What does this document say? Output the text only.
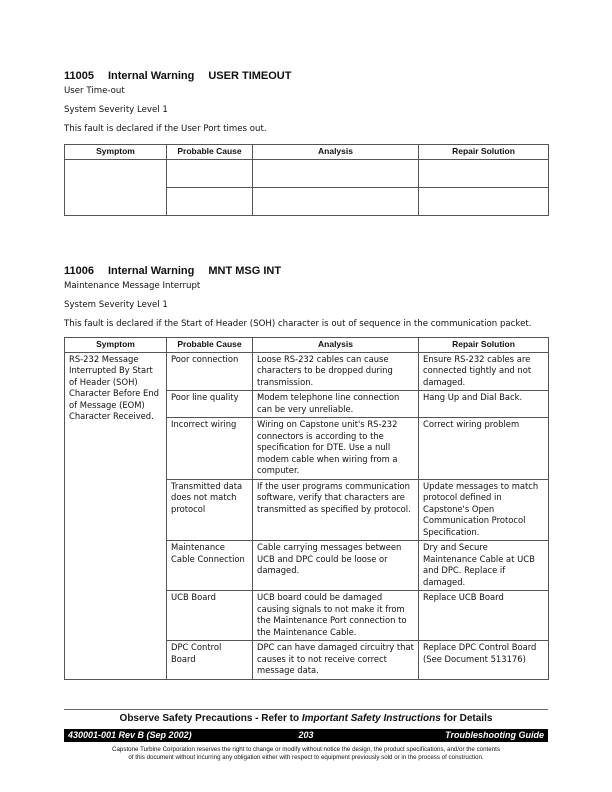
11005 Internal Warning USER TIMEOUT
User Time-out
System Severity Level 1
This fault is declared if the User Port times out.
Symptom	Probable Cause	Analysis	Repair Solution

11006 Internal Warning MNT MSG INT
Maintenance Message Interrupt
System Severity Level 1
This fault is declared if the Start of Header (SOH) character is out of sequence in the communication packet.
Symptom	Probable Cause	Analysis	Repair Solution
RS-232 Message Interrupted By Start of Header (SOH) Character Before End of Message (EOM) Character Received.	Poor connection	Loose RS-232 cables can cause characters to be dropped during transmission.	Ensure RS-232 cables are connected tightly and not damaged.
	Poor line quality	Modem telephone line connection can be very unreliable.	Hang Up and Dial Back.
	Incorrect wiring	Wiring on Capstone unit's RS-232 connectors is according to the specification for DTE. Use a null modem cable when wiring from a computer.	Correct wiring problem
	Transmitted data does not match protocol	If the user programs communication software, verify that characters are transmitted as specified by protocol.	Update messages to match protocol defined in Capstone's Open Communication Protocol Specification.
	Maintenance Cable Connection	Cable carrying messages between UCB and DPC could be loose or damaged.	Dry and Secure Maintenance Cable at UCB and DPC. Replace if damaged.
	UCB Board	UCB board could be damaged causing signals to not make it from the Maintenance Port connection to the Maintenance Cable.	Replace UCB Board
	DPC Control Board	DPC can have damaged circuitry that causes it to not receive correct message data.	Replace DPC Control Board (See Document 513176)
Observe Safety Precautions - Refer to Important Safety Instructions for Details
203
430001-001 Rev B (Sep 2002)	Troubleshooting Guide
Capstone Turbine Corporation reserves the right to change or modify without notice the design, the product specifications, and/or the contents
of this document without incurring any obligation either with respect to equipment previously sold or in the process of construction.
